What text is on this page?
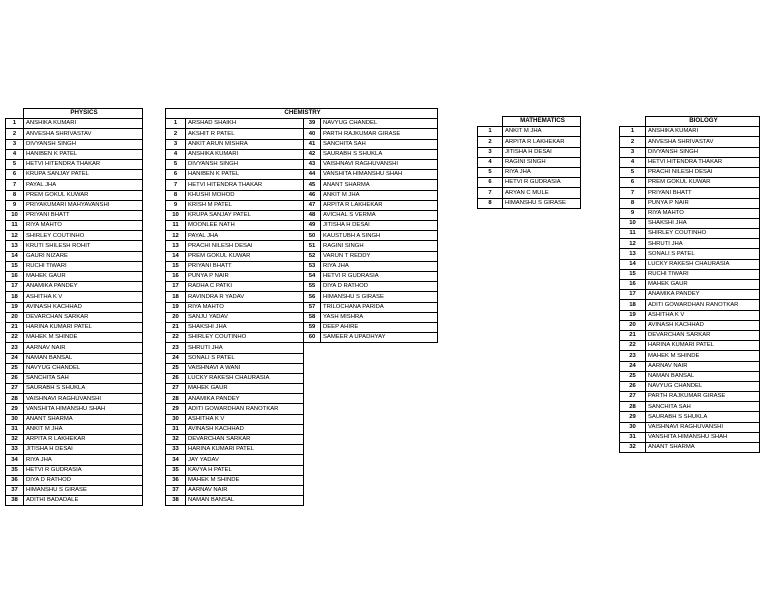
	PHYSICS
1	ANSHIKA KUMARI
2	ANVESHA SHRIVASTAV
3	DIVYANSH SINGH
4	HANIBEN K PATEL
5	HETVI HITENDRA THAKAR
6	KRUPA SANJAY PATEL
7	PAYAL JHA
8	PREM GOKUL KUWAR
9	PRIYAKUMARI MAHYAVANSHI
10	PRIYANI BHATT
11	RIYA MAHTO
12	SHIRLEY COUTINHO
13	KRUTI SHILESH ROHIT
14	GAURI NIZARE
15	RUCHI TIWARI
16	MAHEK GAUR
17	ANAMIKA PANDEY
18	ASHITHA K V
19	AVINASH KACHHAD
20	DEVARCHAN SARKAR
21	HARINA KUMARI PATEL
22	MAHEK M SHINDE
23	AARNAV NAIR
24	NAMAN BANSAL
25	NAVYUG CHANDEL
26	SANCHITA SAH
27	SAURABH S SHUKLA
28	VAISHNAVI RAGHUVANSHI
29	VANSHITA HIMANSHU SHAH
30	ANANT SHARMA
31	ANKIT M JHA
32	ARPITA R LAKHEKAR
33	JITISHA H DESAI
34	RIYA JHA
35	HETVI R GUDRASIA
36	DIYA D RATHOD
37	HIMANSHU S GIRASE
38	ADITHI BADADALE
CHEMISTRY			
1	ARSHAD SHAIKH	39	NAVYUG CHANDEL
2	AKSHIT R PATEL	40	PARTH RAJKUMAR GIRASE
3	ANKIT ARUN MISHRA	41	SANCHITA SAH
4	ANSHIKA KUMARI	42	SAURABH S SHUKLA
5	DIVYANSH SINGH	43	VAISHNAVI RAGHUVANSHI
6	HANIBEN K PATEL	44	VANSHITA HIMANSHU SHAH
7	HETVI HITENDRA THAKAR	45	ANANT SHARMA
8	KHUSHI MOHOD	46	ANKIT M JHA
9	KRISH M PATEL	47	ARPITA R LAKHEKAR
10	KRUPA SANJAY PATEL	48	AVICHAL S VERMA
11	MOONLEE NATH	49	JITISHA H DESAI
12	PAYAL JHA	50	KAUSTUBH A SINGH
13	PRACHI NILESH DESAI	51	RAGINI SINGH
14	PREM GOKUL KUWAR	52	VARUN T REDDY
15	PRIYANI BHATT	53	RIYA JHA
16	PUNYA P NAIR	54	HETVI R GUDRASIA
17	RADHA C PATKI	55	DIYA D RATHOD
18	RAVINDRA R YADAV	56	HIMANSHU S GIRASE
19	RIYA MAHTO	57	TRILOCHANA PARIDA
20	SANJU YADAV	58	YASH MISHRA
21	SHAKSHI JHA	59	DEEP AHIRE
22	SHIRLEY COUTINHO	60	SAMEER A UPADHYAY
23	SHRUTI JHA		
24	SONALI S PATEL		
25	VAISHNAVI A WANI		
26	LUCKY RAKESH CHAURASIA		
27	MAHEK GAUR		
28	ANAMIKA PANDEY		
29	ADITI GOWARDHAN RANOTKAR		
30	ASHITHA K V		
31	AVINASH KACHHAD		
32	DEVARCHAN SARKAR		
33	HARINA KUMARI PATEL		
34	JAY YADAV		
35	KAVYA H PATEL		
36	MAHEK M SHINDE		
37	AARNAV NAIR		
38	NAMAN BANSAL		
	MATHEMATICS
1	ANKIT M JHA
2	ARPITA R LAKHEKAR
3	JITISHA H DESAI
4	RAGINI SINGH
5	RIYA JHA
6	HETVI R GUDRASIA
7	ARYAN C MULE
8	HIMANSHU S GIRASE
	BIOLOGY
1	ANSHIKA KUMARI
2	ANVESHA SHRIVASTAV
3	DIVYANSH SINGH
4	HETVI HITENDRA THAKAR
5	PRACHI NILESH DESAI
6	PREM GOKUL KUWAR
7	PRIYANI BHATT
8	PUNYA P NAIR
9	RIYA MAHTO
10	SHAKSHI JHA
11	SHIRLEY COUTINHO
12	SHRUTI JHA
13	SONALI S PATEL
14	LUCKY RAKESH CHAURASIA
15	RUCHI TIWARI
16	MAHEK GAUR
17	ANAMIKA PANDEY
18	ADITI GOWARDHAN RANOTKAR
19	ASHITHA K V
20	AVINASH KACHHAD
21	DEVARCHAN SARKAR
22	HARINA KUMARI PATEL
23	MAHEK M SHINDE
24	AARNAV NAIR
25	NAMAN BANSAL
26	NAVYUG CHANDEL
27	PARTH RAJKUMAR GIRASE
28	SANCHITA SAH
29	SAURABH S SHUKLA
30	VAISHNAVI RAGHUVANSHI
31	VANSHITA HIMANSHU SHAH
32	ANANT SHARMA
